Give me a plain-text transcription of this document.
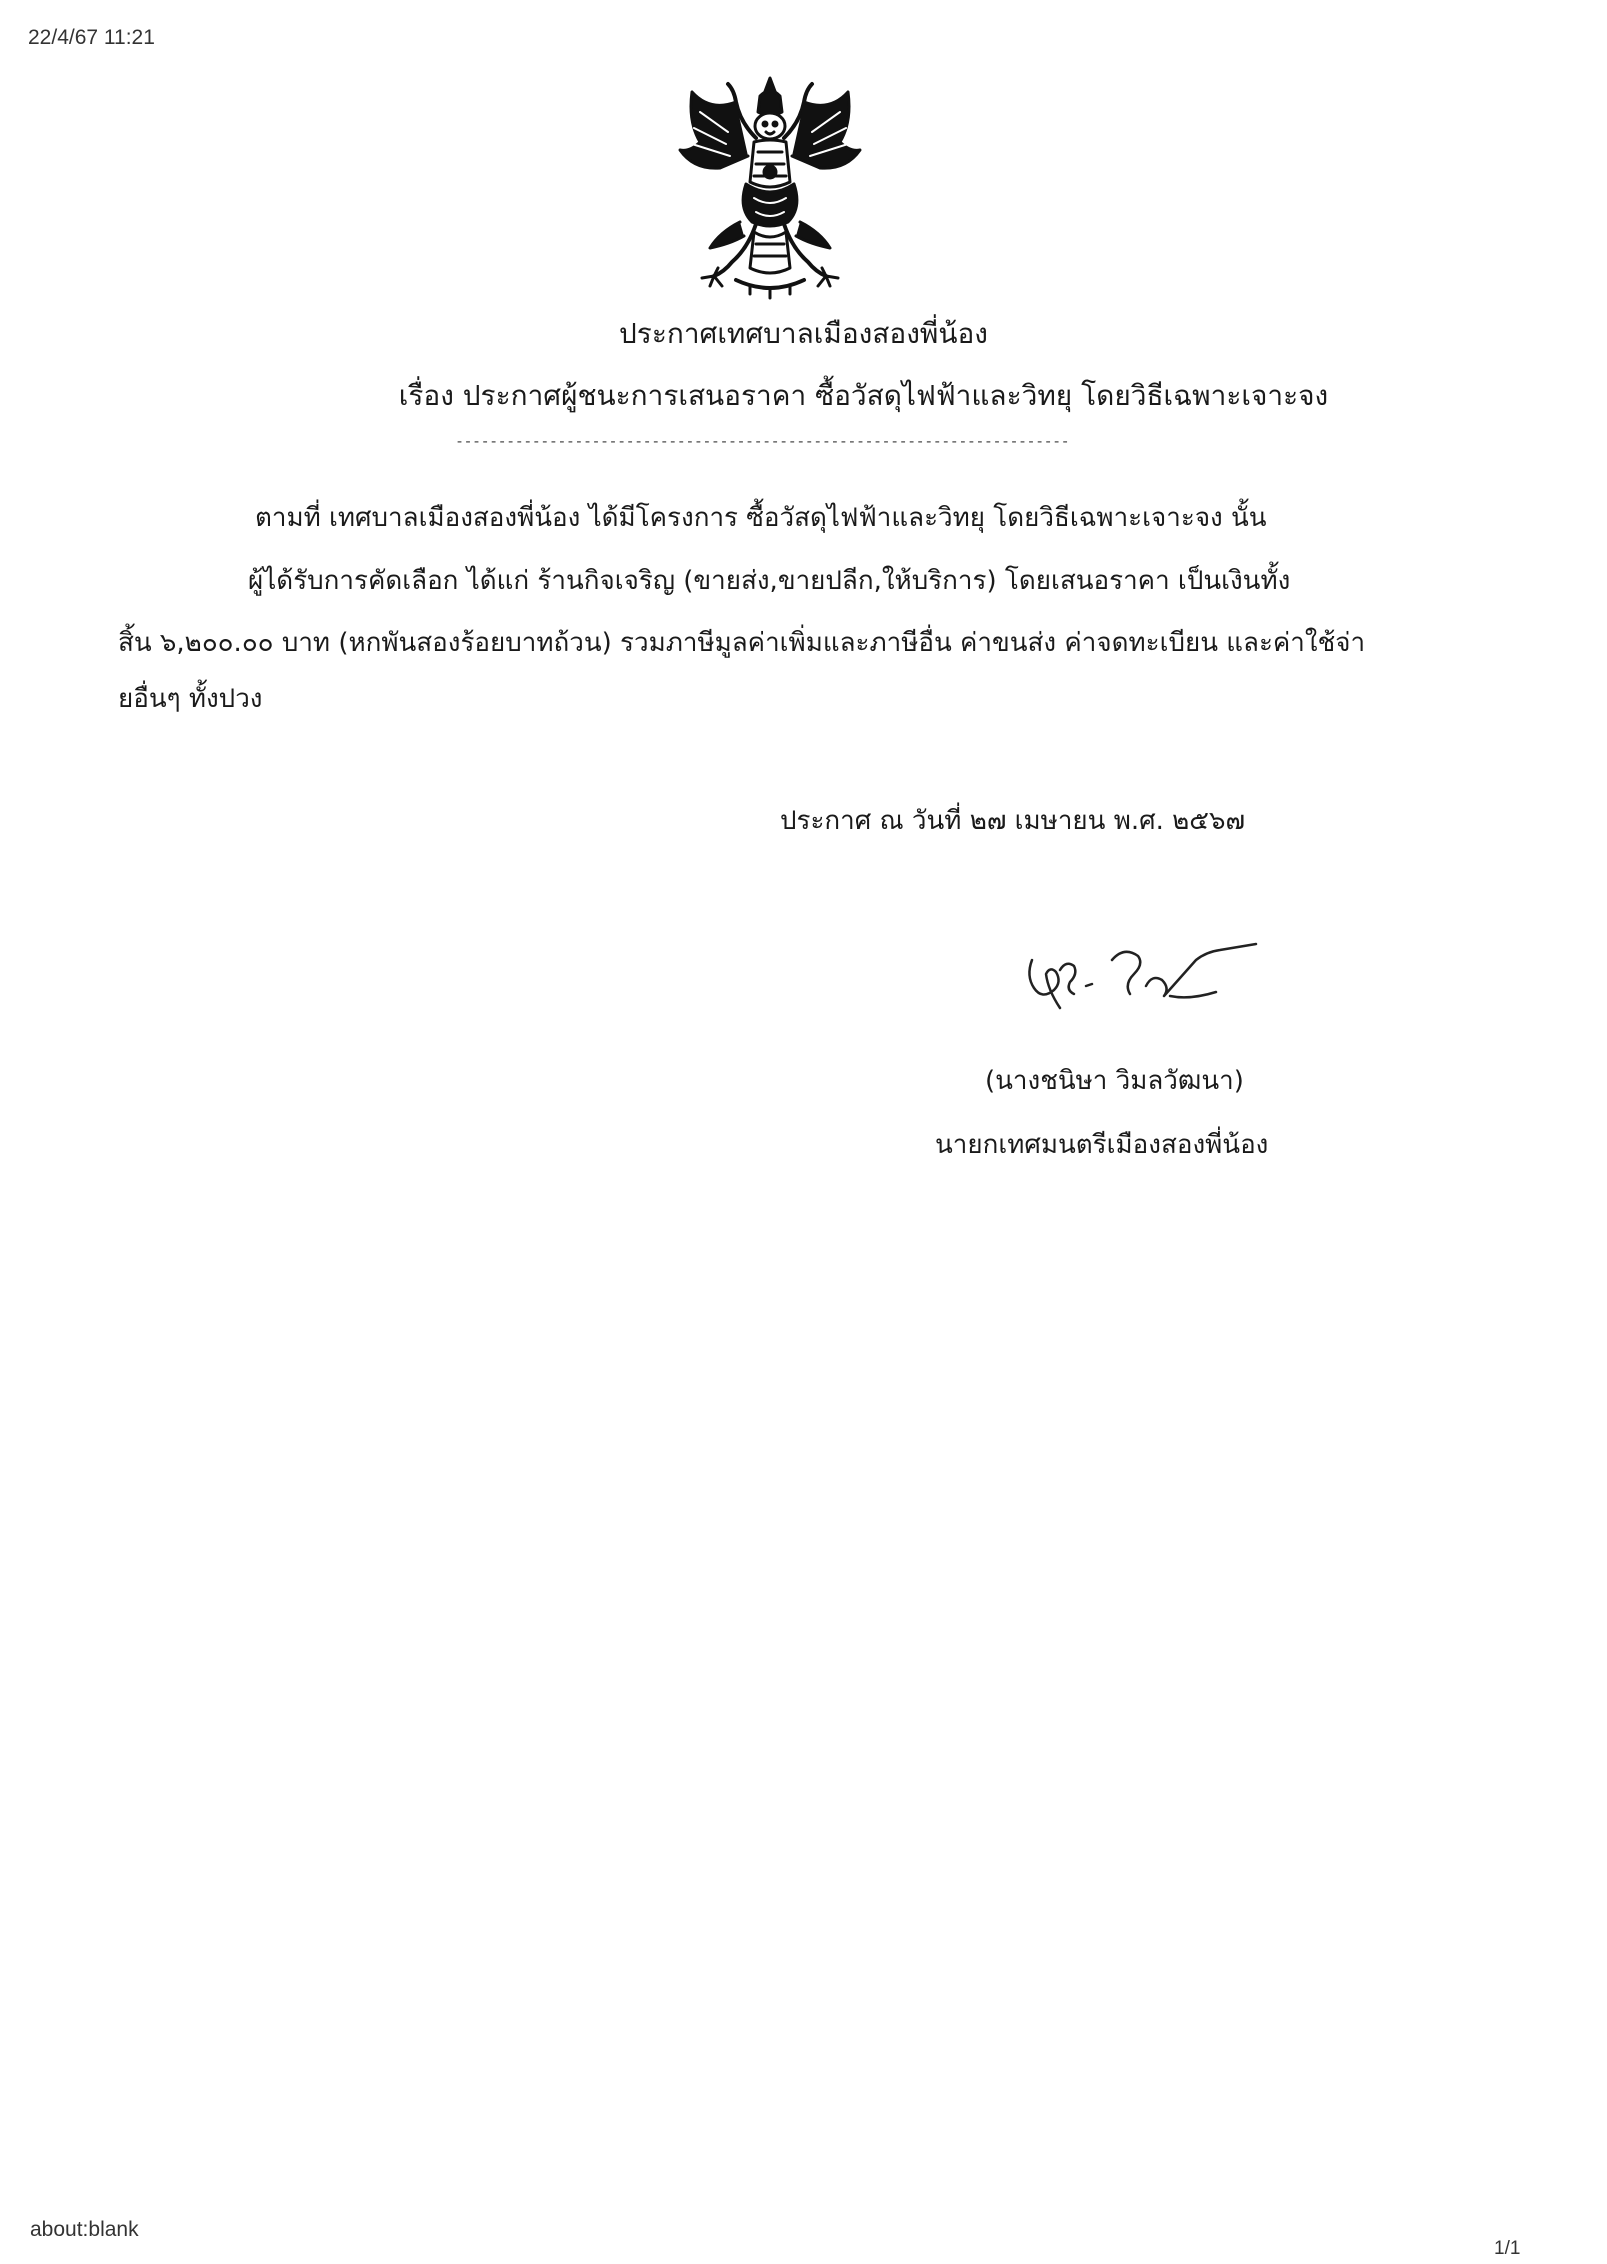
22/4/67 11:21
ประกาศเทศบาลเมืองสองพี่น้อง
เรื่อง ประกาศผู้ชนะการเสนอราคา ซื้อวัสดุไฟฟ้าและวิทยุ โดยวิธีเฉพาะเจาะจง
------------------------------------------------------------------------
ตามที่ เทศบาลเมืองสองพี่น้อง ได้มีโครงการ ซื้อวัสดุไฟฟ้าและวิทยุ โดยวิธีเฉพาะเจาะจง นั้น
ผู้ได้รับการคัดเลือก ได้แก่ ร้านกิจเจริญ (ขายส่ง,ขายปลีก,ให้บริการ) โดยเสนอราคา เป็นเงินทั้ง
สิ้น ๖,๒๐๐.๐๐ บาท (หกพันสองร้อยบาทถ้วน) รวมภาษีมูลค่าเพิ่มและภาษีอื่น ค่าขนส่ง ค่าจดทะเบียน และค่าใช้จ่า
ยอื่นๆ ทั้งปวง
ประกาศ ณ วันที่ ๒๗ เมษายน พ.ศ. ๒๕๖๗
(นางชนิษา วิมลวัฒนา)
นายกเทศมนตรีเมืองสองพี่น้อง
about:blank
1/1
